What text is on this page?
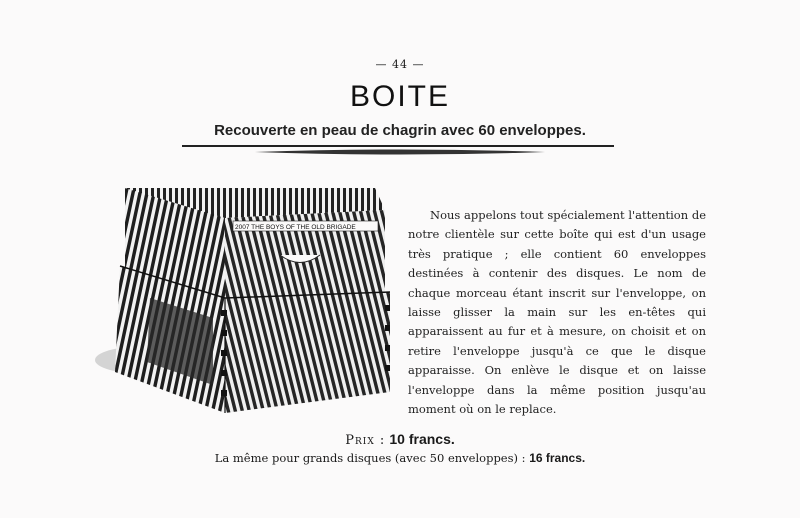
— 44 —
BOITE
Recouverte en peau de chagrin avec 60 enveloppes.
2007 THE BOYS OF THE OLD BRIGADE
Nous appelons tout spécialement l'attention de notre clientèle sur cette boîte qui est d'un usage très pratique ; elle contient 60 enveloppes destinées à contenir des disques. Le nom de chaque morceau étant inscrit sur l'enveloppe, on laisse glisser la main sur les en-têtes qui apparaissent au fur et à mesure, on choisit et on retire l'enveloppe jusqu'à ce que le disque apparaisse. On enlève le disque et on laisse l'enveloppe dans la même position jusqu'au moment où on le replace.
Prix : 10 francs.
La même pour grands disques (avec 50 enveloppes) : 16 francs.
